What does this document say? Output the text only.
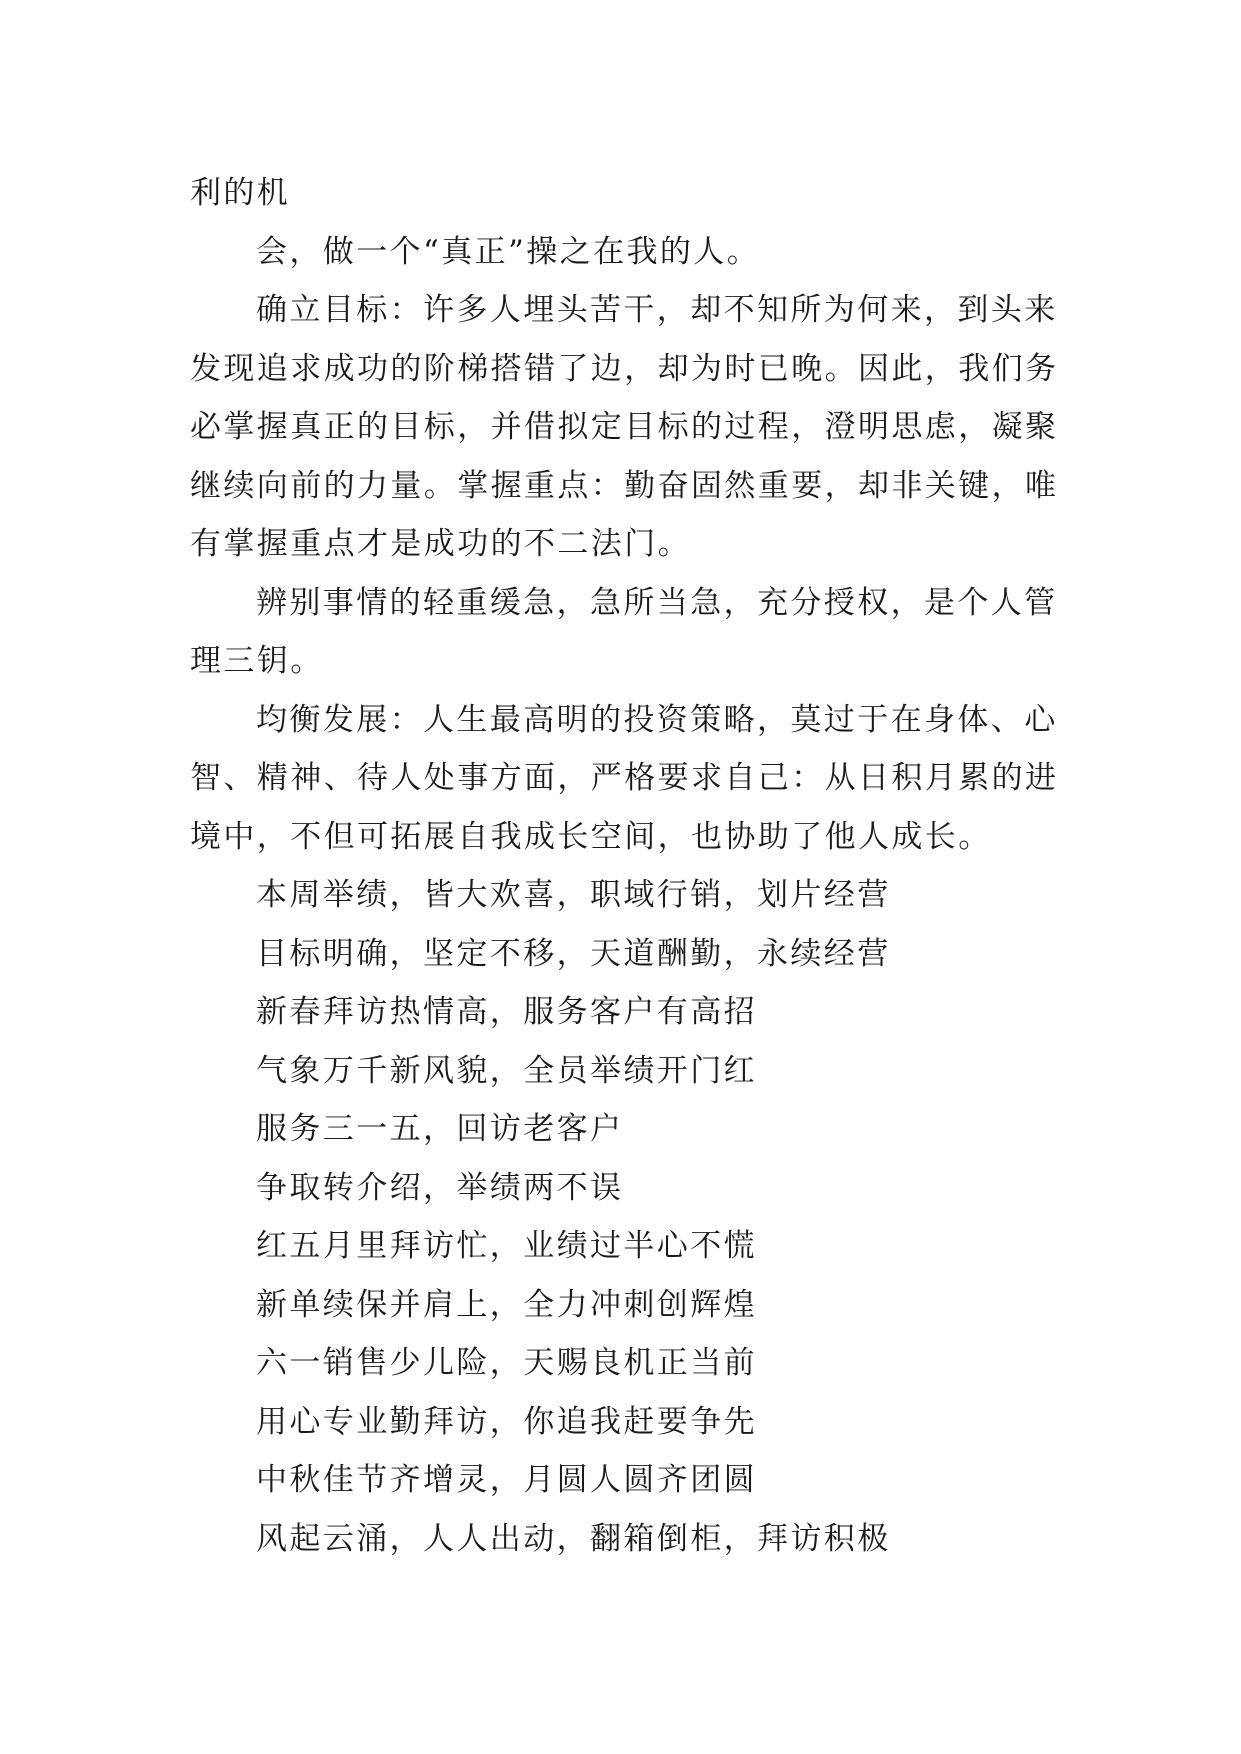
利的机

会，做一个“真正”操之在我的人。

确立目标：许多人埋头苦干，却不知所为何来，到头来发现追求成功的阶梯搭错了边，却为时已晚。因此，我们务必掌握真正的目标，并借拟定目标的过程，澄明思虑，凝聚继续向前的力量。掌握重点：勤奋固然重要，却非关键，唯有掌握重点才是成功的不二法门。

辨别事情的轻重缓急，急所当急，充分授权，是个人管理三钥。

均衡发展：人生最高明的投资策略，莫过于在身体、心智、精神、待人处事方面，严格要求自己：从日积月累的进境中，不但可拓展自我成长空间，也协助了他人成长。

本周举绩，皆大欢喜，职域行销，划片经营

目标明确，坚定不移，天道酬勤，永续经营

新春拜访热情高，服务客户有高招

气象万千新风貌，全员举绩开门红

服务三一五，回访老客户

争取转介绍，举绩两不误

红五月里拜访忙，业绩过半心不慌

新单续保并肩上，全力冲刺创辉煌

六一销售少儿险，天赐良机正当前

用心专业勤拜访，你追我赶要争先

中秋佳节齐增灵，月圆人圆齐团圆

风起云涌，人人出动，翻箱倒柜，拜访积极
